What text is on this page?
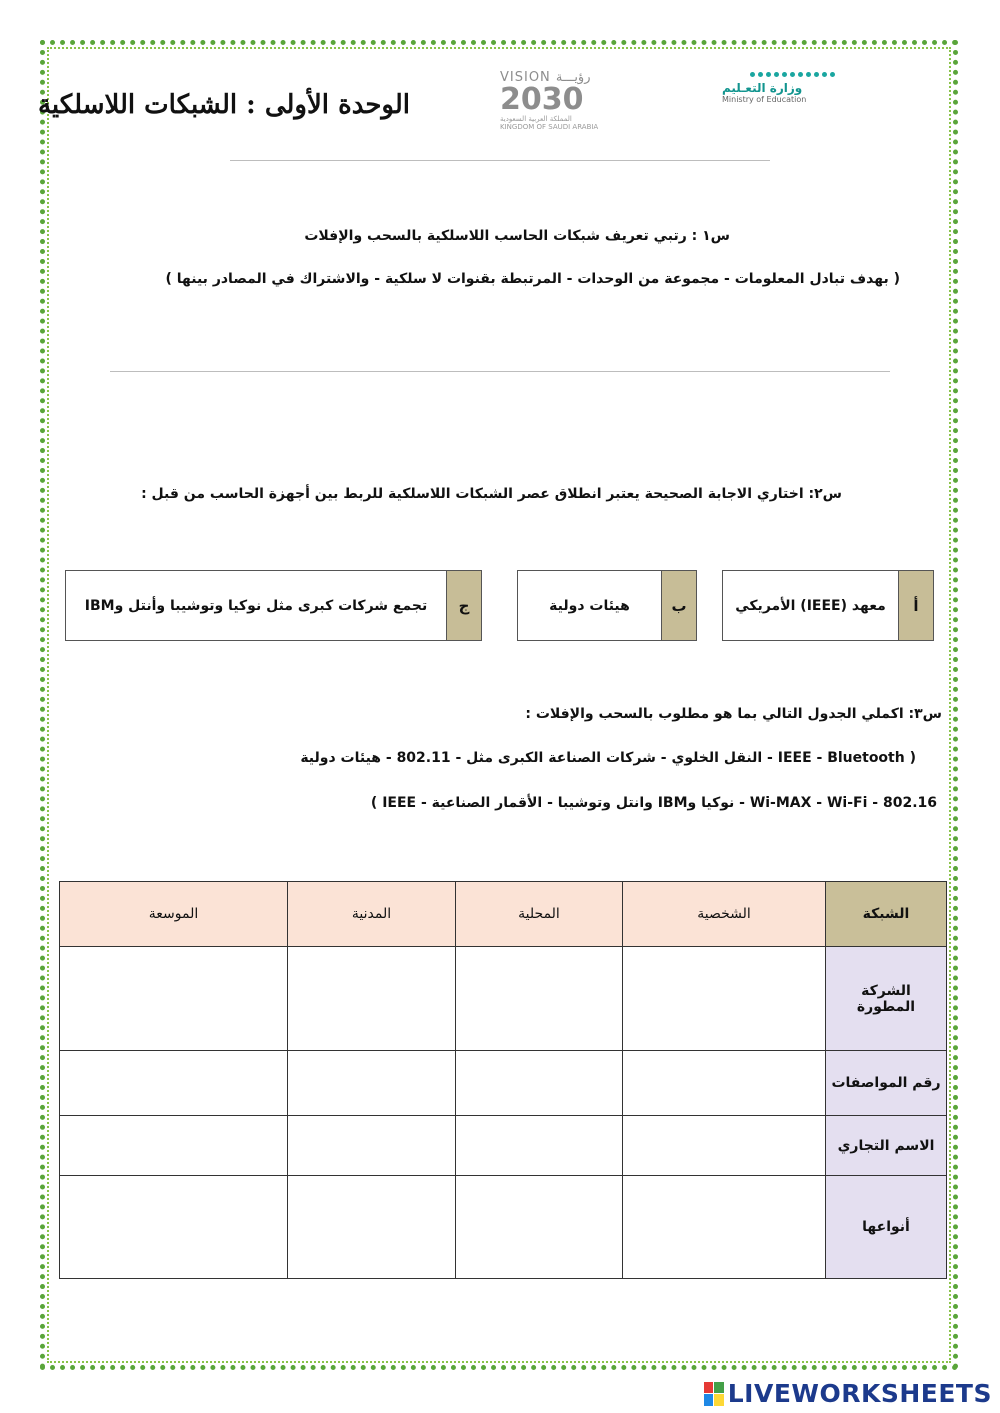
الوحدة الأولى : الشبكات اللاسلكية
VISION رؤيـــة
2030
المملكة العربية السعودية
KINGDOM OF SAUDI ARABIA
وزارة التعـليم
Ministry of Education
س١ : رتبي تعريف شبكات الحاسب اللاسلكية بالسحب والإفلات
( بهدف تبادل المعلومات - مجموعة من الوحدات - المرتبطة بقنوات لا سلكية - والاشتراك في المصادر بينها )
س٢: اختاري الاجابة الصحيحة يعتبر انطلاق عصر الشبكات اللاسلكية للربط بين أجهزة الحاسب من قبل :
أ
معهد (IEEE) الأمريكي
ب
هيئات دولية
ج
تجمع شركات كبرى مثل نوكيا وتوشيبا وأنتل وIBM
س٣: اكملي الجدول التالي بما هو مطلوب بالسحب والإفلات :
( IEEE - Bluetooth - النقل الخلوي - شركات الصناعة الكبرى مثل - 802.11 - هيئات دولية
802.16 - Wi-MAX - Wi-Fi - نوكيا وIBM وانتل وتوشيبا - الأقمار الصناعية - IEEE )
الشبكة	الشخصية	المحلية	المدنية	الموسعة
الشركة المطورة				
رقم المواصفات				
الاسم التجاري				
أنواعها				
LIVEWORKSHEETS
